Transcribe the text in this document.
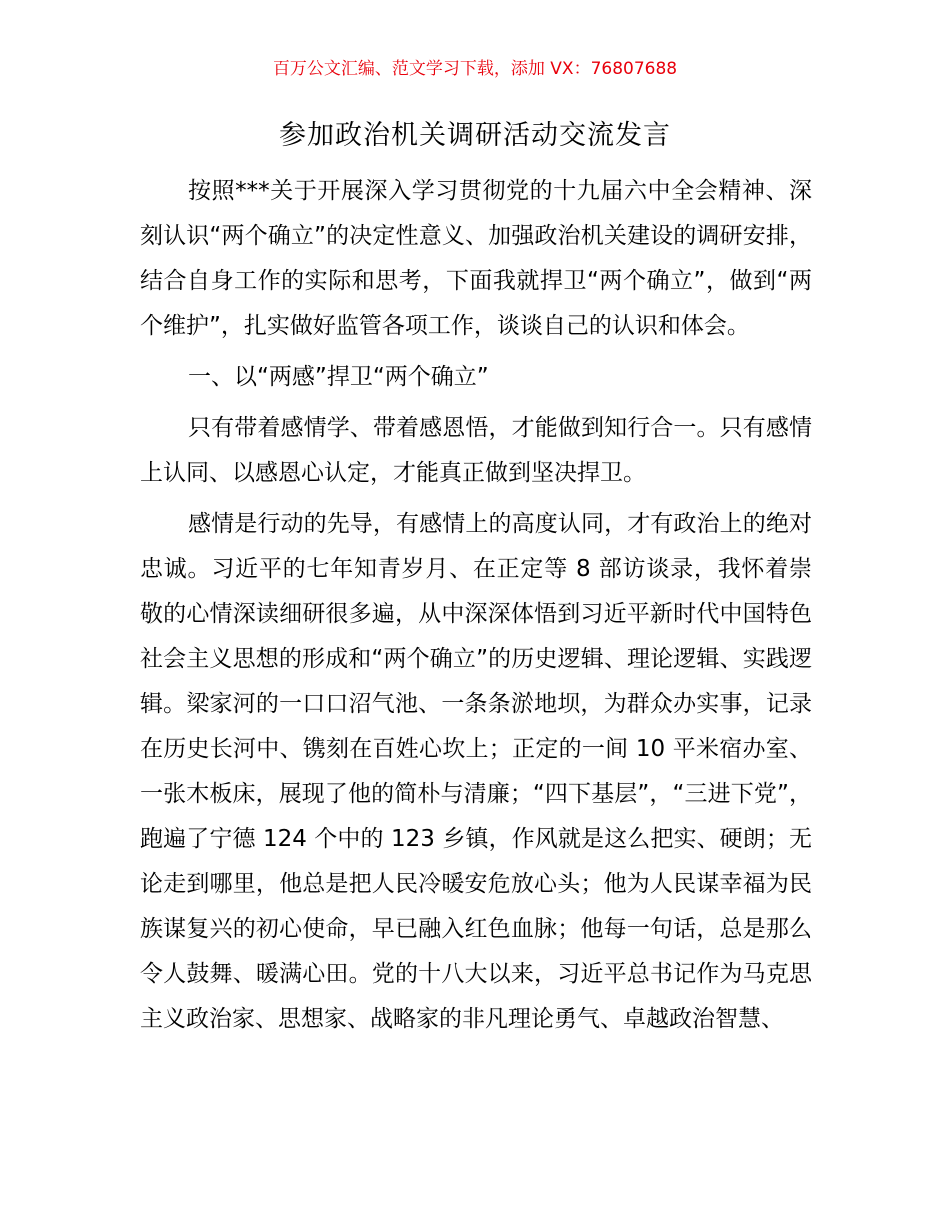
百万公文汇编、范文学习下载，添加 VX：76807688
参加政治机关调研活动交流发言

按照***关于开展深入学习贯彻党的十九届六中全会精神、深刻认识“两个确立”的决定性意义、加强政治机关建设的调研安排，结合自身工作的实际和思考，下面我就捍卫“两个确立”，做到“两个维护”，扎实做好监管各项工作，谈谈自己的认识和体会。

一、以“两感”捍卫“两个确立”

只有带着感情学、带着感恩悟，才能做到知行合一。只有感情上认同、以感恩心认定，才能真正做到坚决捍卫。

感情是行动的先导，有感情上的高度认同，才有政治上的绝对忠诚。习近平的七年知青岁月、在正定等 8 部访谈录，我怀着崇敬的心情深读细研很多遍，从中深深体悟到习近平新时代中国特色社会主义思想的形成和“两个确立”的历史逻辑、理论逻辑、实践逻辑。梁家河的一口口沼气池、一条条淤地坝，为群众办实事，记录在历史长河中、镌刻在百姓心坎上；正定的一间 10 平米宿办室、一张木板床，展现了他的简朴与清廉；“四下基层”，“三进下党”，跑遍了宁德 124 个中的 123 乡镇，作风就是这么把实、硬朗；无论走到哪里，他总是把人民冷暖安危放心头；他为人民谋幸福为民族谋复兴的初心使命，早已融入红色血脉；他每一句话，总是那么令人鼓舞、暖满心田。党的十八大以来，习近平总书记作为马克思主义政治家、思想家、战略家的非凡理论勇气、卓越政治智慧、
